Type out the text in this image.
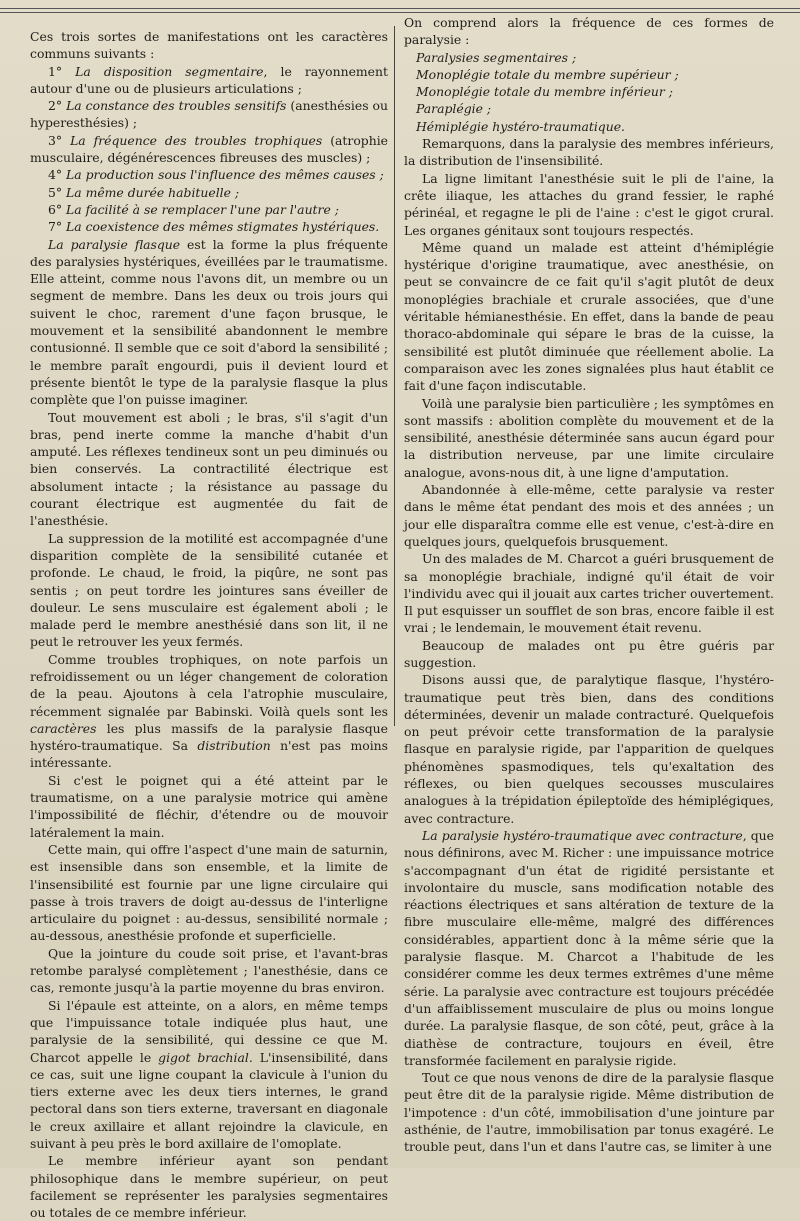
Ces trois sortes de manifestations ont les caractères communs suivants :

1° La disposition segmentaire, le rayonnement autour d'une ou de plusieurs articulations ;

2° La constance des troubles sensitifs (anesthésies ou hyperesthésies) ;

3° La fréquence des troubles trophiques (atrophie musculaire, dégénérescences fibreuses des muscles) ;

4° La production sous l'influence des mêmes causes ;

5° La même durée habituelle ;

6° La facilité à se remplacer l'une par l'autre ;

7° La coexistence des mêmes stigmates hystériques.

La paralysie flasque est la forme la plus fréquente des paralysies hystériques, éveillées par le traumatisme. Elle atteint, comme nous l'avons dit, un membre ou un segment de membre. Dans les deux ou trois jours qui suivent le choc, rarement d'une façon brusque, le mouvement et la sensibilité abandonnent le membre contusionné. Il semble que ce soit d'abord la sensibilité ; le membre paraît engourdi, puis il devient lourd et présente bientôt le type de la paralysie flasque la plus complète que l'on puisse imaginer.

Tout mouvement est aboli ; le bras, s'il s'agit d'un bras, pend inerte comme la manche d'habit d'un amputé. Les réflexes tendineux sont un peu diminués ou bien conservés. La contractilité électrique est absolument intacte ; la résistance au passage du courant électrique est augmentée du fait de l'anesthésie.

La suppression de la motilité est accompagnée d'une disparition complète de la sensibilité cutanée et profonde. Le chaud, le froid, la piqûre, ne sont pas sentis ; on peut tordre les jointures sans éveiller de douleur. Le sens musculaire est également aboli ; le malade perd le membre anesthésié dans son lit, il ne peut le retrouver les yeux fermés.

Comme troubles trophiques, on note parfois un refroidissement ou un léger changement de coloration de la peau. Ajoutons à cela l'atrophie musculaire, récemment signalée par Babinski. Voilà quels sont les caractères les plus massifs de la paralysie flasque hystéro-traumatique. Sa distribution n'est pas moins intéressante.

Si c'est le poignet qui a été atteint par le traumatisme, on a une paralysie motrice qui amène l'impossibilité de fléchir, d'étendre ou de mouvoir latéralement la main.

Cette main, qui offre l'aspect d'une main de saturnin, est insensible dans son ensemble, et la limite de l'insensibilité est fournie par une ligne circulaire qui passe à trois travers de doigt au-dessus de l'interligne articulaire du poignet : au-dessus, sensibilité normale ; au-dessous, anesthésie profonde et superficielle.

Que la jointure du coude soit prise, et l'avant-bras retombe paralysé complètement ; l'anesthésie, dans ce cas, remonte jusqu'à la partie moyenne du bras environ.

Si l'épaule est atteinte, on a alors, en même temps que l'impuissance totale indiquée plus haut, une paralysie de la sensibilité, qui dessine ce que M. Charcot appelle le gigot brachial. L'insensibilité, dans ce cas, suit une ligne coupant la clavicule à l'union du tiers externe avec les deux tiers internes, le grand pectoral dans son tiers externe, traversant en diagonale le creux axillaire et allant rejoindre la clavicule, en suivant à peu près le bord axillaire de l'omoplate.

Le membre inférieur ayant son pendant philosophique dans le membre supérieur, on peut facilement se représenter les paralysies segmentaires ou totales de ce membre inférieur.

On comprend alors la fréquence de ces formes de paralysie :

Paralysies segmentaires ;

Monoplégie totale du membre supérieur ;

Monoplégie totale du membre inférieur ;

Paraplégie ;

Hémiplégie hystéro-traumatique.

Remarquons, dans la paralysie des membres inférieurs, la distribution de l'insensibilité.

La ligne limitant l'anesthésie suit le pli de l'aine, la crête iliaque, les attaches du grand fessier, le raphé périnéal, et regagne le pli de l'aine : c'est le gigot crural. Les organes génitaux sont toujours respectés.

Même quand un malade est atteint d'hémiplégie hystérique d'origine traumatique, avec anesthésie, on peut se convaincre de ce fait qu'il s'agit plutôt de deux monoplégies brachiale et crurale associées, que d'une véritable hémianesthésie. En effet, dans la bande de peau thoraco-abdominale qui sépare le bras de la cuisse, la sensibilité est plutôt diminuée que réellement abolie. La comparaison avec les zones signalées plus haut établit ce fait d'une façon indiscutable.

Voilà une paralysie bien particulière ; les symptômes en sont massifs : abolition complète du mouvement et de la sensibilité, anesthésie déterminée sans aucun égard pour la distribution nerveuse, par une limite circulaire analogue, avons-nous dit, à une ligne d'amputation.

Abandonnée à elle-même, cette paralysie va rester dans le même état pendant des mois et des années ; un jour elle disparaîtra comme elle est venue, c'est-à-dire en quelques jours, quelquefois brusquement.

Un des malades de M. Charcot a guéri brusquement de sa monoplégie brachiale, indigné qu'il était de voir l'individu avec qui il jouait aux cartes tricher ouvertement. Il put esquisser un soufflet de son bras, encore faible il est vrai ; le lendemain, le mouvement était revenu.

Beaucoup de malades ont pu être guéris par suggestion.

Disons aussi que, de paralytique flasque, l'hystéro-traumatique peut très bien, dans des conditions déterminées, devenir un malade contracturé. Quelquefois on peut prévoir cette transformation de la paralysie flasque en paralysie rigide, par l'apparition de quelques phénomènes spasmodiques, tels qu'exaltation des réflexes, ou bien quelques secousses musculaires analogues à la trépidation épileptoïde des hémiplégiques, avec contracture.

La paralysie hystéro-traumatique avec contracture, que nous définirons, avec M. Richer : une impuissance motrice s'accompagnant d'un état de rigidité persistante et involontaire du muscle, sans modification notable des réactions électriques et sans altération de texture de la fibre musculaire elle-même, malgré des différences considérables, appartient donc à la même série que la paralysie flasque. M. Charcot a l'habitude de les considérer comme les deux termes extrêmes d'une même série. La paralysie avec contracture est toujours précédée d'un affaiblissement musculaire de plus ou moins longue durée. La paralysie flasque, de son côté, peut, grâce à la diathèse de contracture, toujours en éveil, être transformée facilement en paralysie rigide.

Tout ce que nous venons de dire de la paralysie flasque peut être dit de la paralysie rigide. Même distribution de l'impotence : d'un côté, immobilisation d'une jointure par asthénie, de l'autre, immobilisation par tonus exagéré. Le trouble peut, dans l'un et dans l'autre cas, se limiter à une
